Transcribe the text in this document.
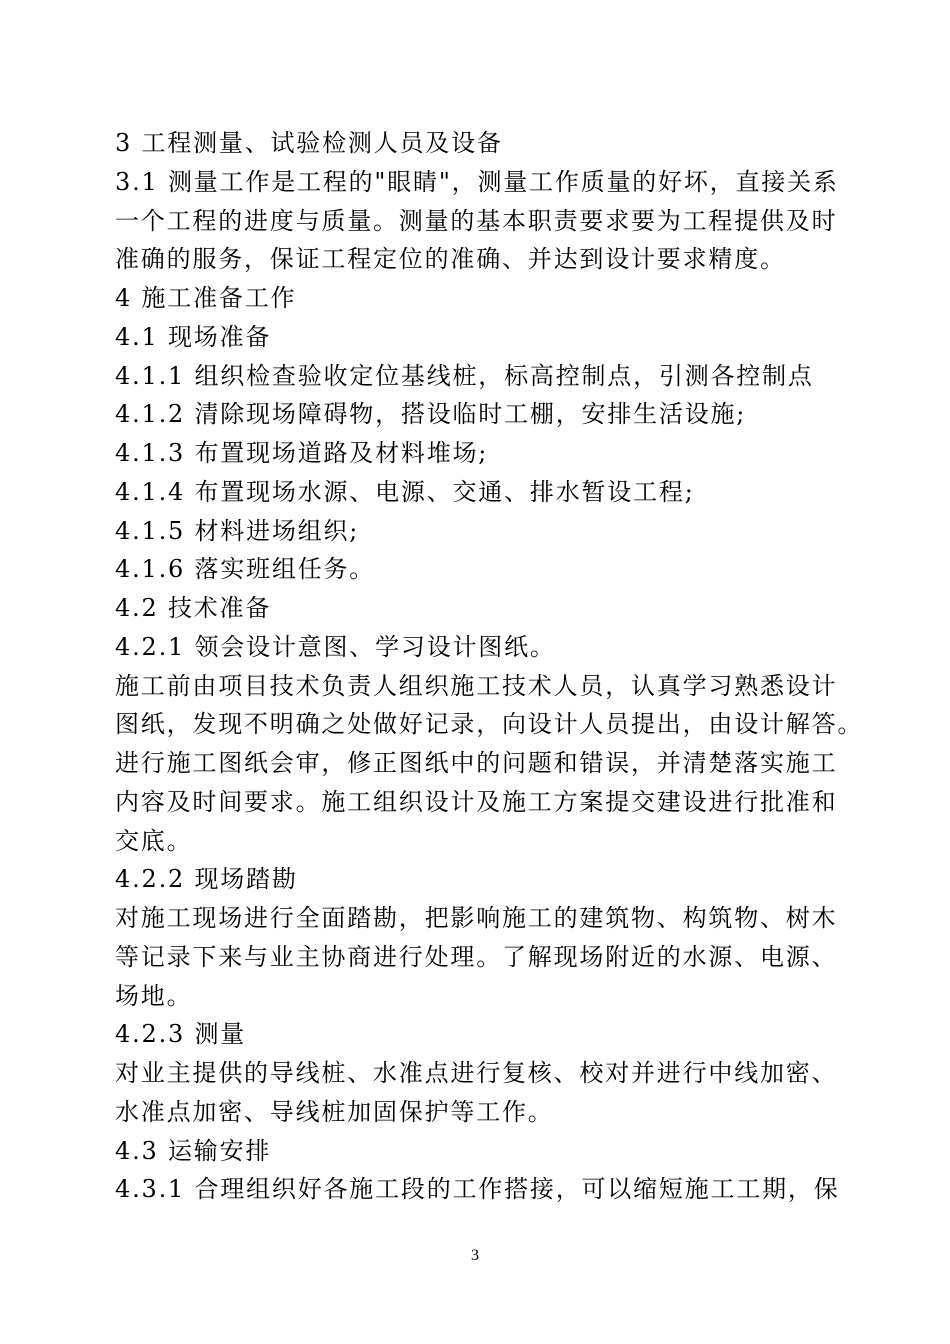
3 工程测量、试验检测人员及设备
3.1 测量工作是工程的"眼睛"，测量工作质量的好坏，直接关系
一个工程的进度与质量。测量的基本职责要求要为工程提供及时
准确的服务，保证工程定位的准确、并达到设计要求精度。
4 施工准备工作
4.1 现场准备
4.1.1 组织检查验收定位基线桩，标高控制点，引测各控制点
4.1.2 清除现场障碍物，搭设临时工棚，安排生活设施;
4.1.3 布置现场道路及材料堆场;
4.1.4 布置现场水源、电源、交通、排水暂设工程;
4.1.5 材料进场组织;
4.1.6 落实班组任务。
4.2 技术准备
4.2.1 领会设计意图、学习设计图纸。
施工前由项目技术负责人组织施工技术人员，认真学习熟悉设计
图纸，发现不明确之处做好记录，向设计人员提出，由设计解答。
进行施工图纸会审，修正图纸中的问题和错误，并清楚落实施工
内容及时间要求。施工组织设计及施工方案提交建设进行批准和
交底。
4.2.2 现场踏勘
对施工现场进行全面踏勘，把影响施工的建筑物、构筑物、树木
等记录下来与业主协商进行处理。了解现场附近的水源、电源、
场地。
4.2.3 测量
对业主提供的导线桩、水准点进行复核、校对并进行中线加密、
水准点加密、导线桩加固保护等工作。
4.3 运输安排
4.3.1 合理组织好各施工段的工作搭接，可以缩短施工工期，保
3
